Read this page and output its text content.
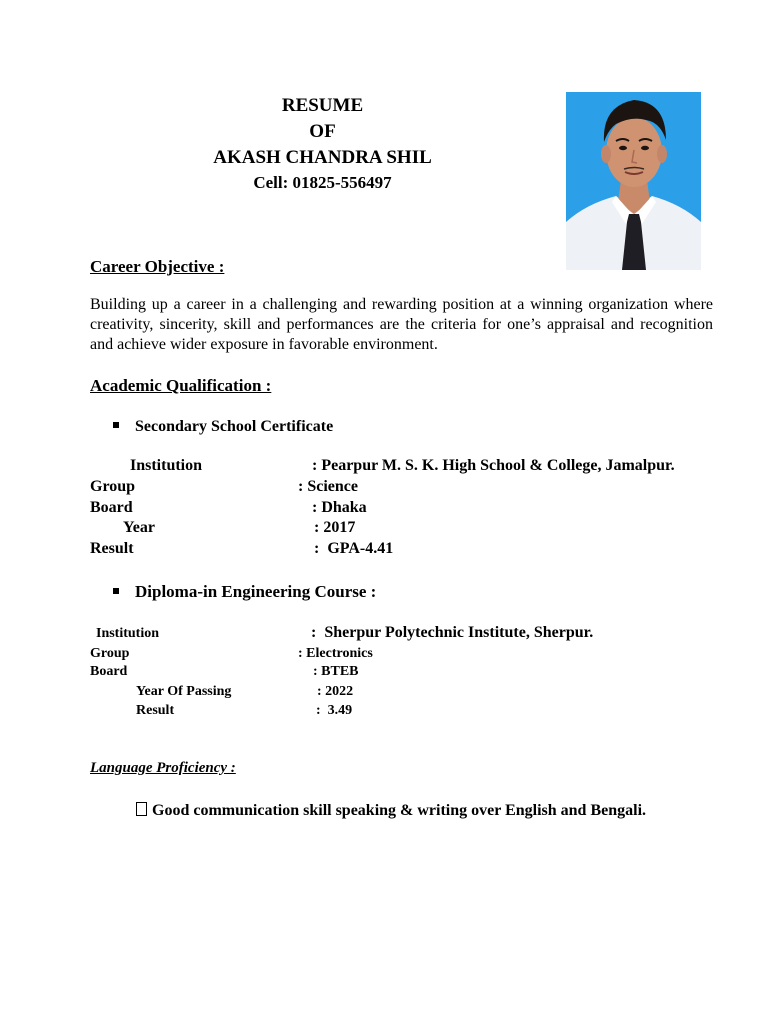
RESUME
OF
AKASH CHANDRA SHIL
Cell: 01825-556497
Career Objective :
Building up a career in a challenging and rewarding position at a winning organization where creativity, sincerity, skill and performances are the criteria for one’s appraisal and recognition and achieve wider exposure in favorable environment.
Academic Qualification :
Secondary School Certificate
Institution	: Pearpur M. S. K. High School & College, Jamalpur.
Group	: Science
Board	: Dhaka
Year	: 2017
Result	:  GPA-4.41
Diploma-in Engineering Course :
Institution	:  Sherpur Polytechnic Institute, Sherpur.
Group	: Electronics
Board	: BTEB
Year Of Passing	: 2022
Result	:  3.49
Language Proficiency :
Good communication skill speaking & writing over English and Bengali.
